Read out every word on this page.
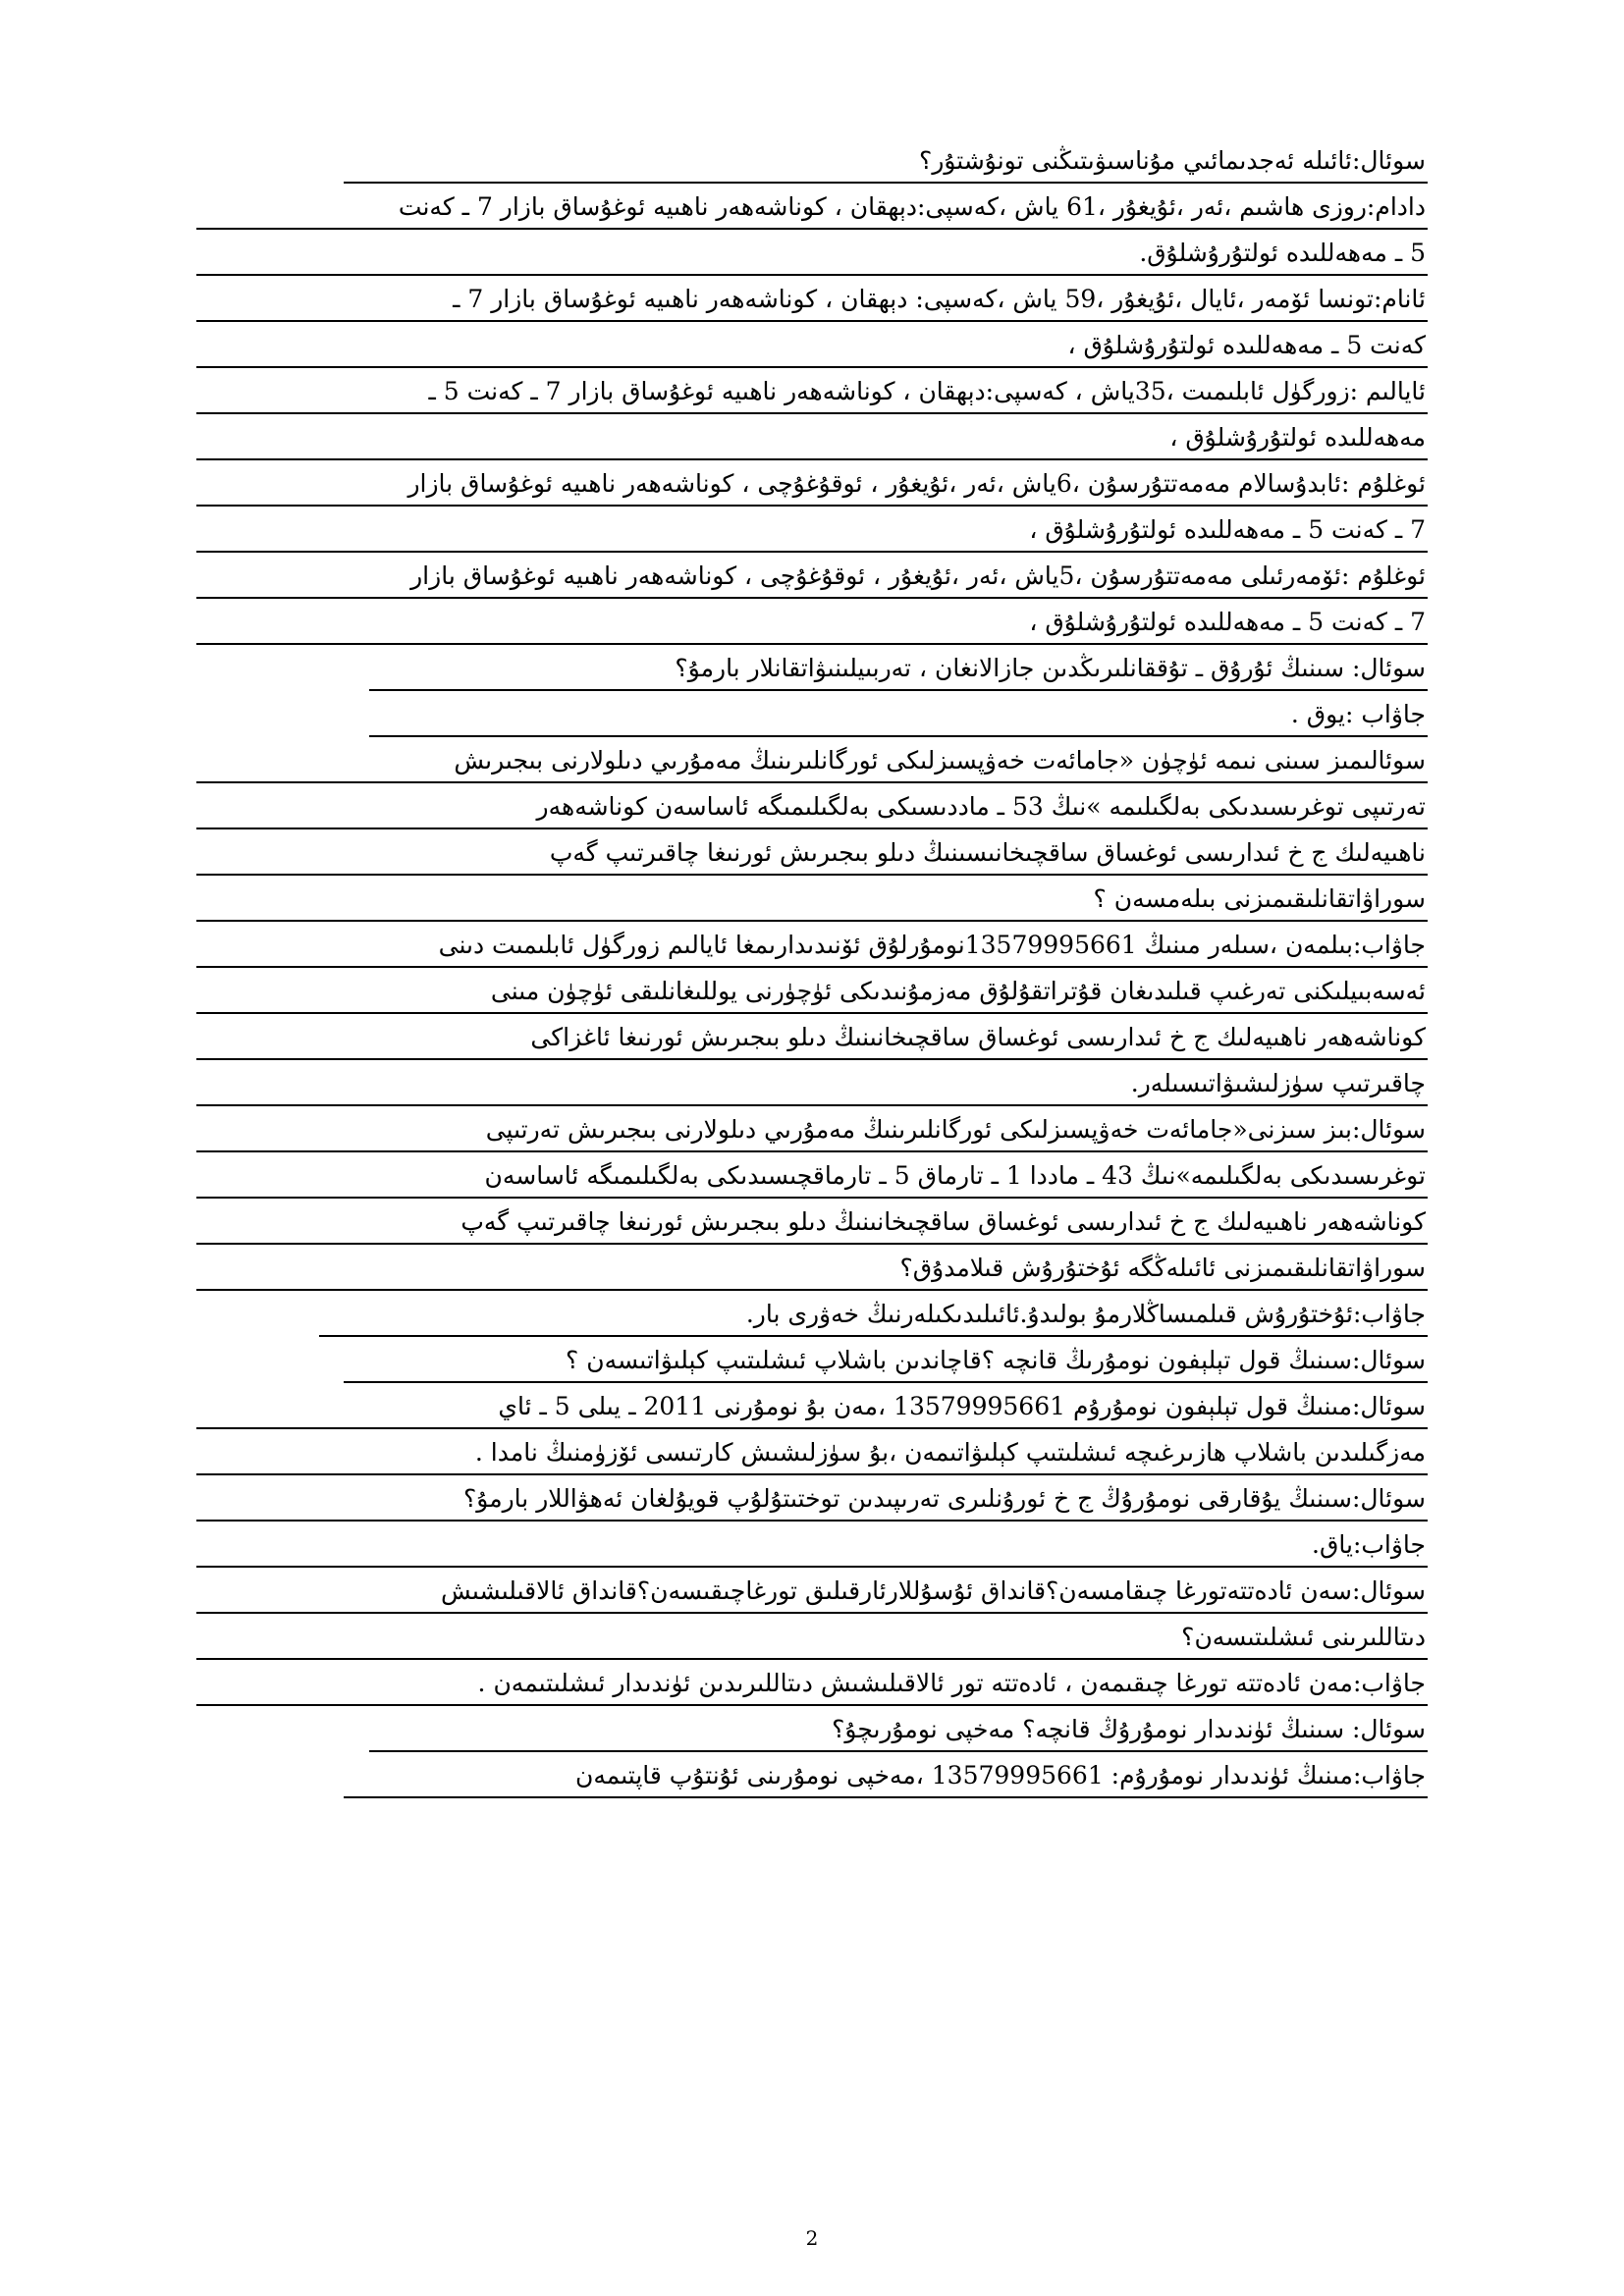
سوئال:ئائىلە ئەجدىمائىي مۇناسىۋىتىڭنى تونۇشتۇر؟
دادام:روزى ھاشىم ،ئەر ،ئۇيغۇر ،61 ياش ،كەسپى:دېھقان ، كوناشەھەر ناھىيە ئوغۇساق بازار 7 ـ كەنت
5 ـ مەھەللىدە ئولتۇرۇشلۇق.
ئانام:تونسا ئۆمەر ،ئايال ،ئۇيغۇر ،59 ياش ،كەسپى: دېھقان ، كوناشەھەر ناھىيە ئوغۇساق بازار 7 ـ
كەنت 5 ـ مەھەللىدە ئولتۇرۇشلۇق ،
ئايالىم :زورگۈل ئابلىمىت ،35ياش ، كەسپى:دېھقان ، كوناشەھەر ناھىيە ئوغۇساق بازار 7 ـ كەنت 5 ـ
مەھەللىدە ئولتۇرۇشلۇق ،
ئوغلۇم :ئابدۇسالام مەمەتتۇرسۇن ،6ياش ،ئەر ،ئۇيغۇر ، ئوقۇغۇچى ، كوناشەھەر ناھىيە ئوغۇساق بازار
7 ـ كەنت 5 ـ مەھەللىدە ئولتۇرۇشلۇق ،
ئوغلۇم :ئۆمەرئىلى مەمەتتۇرسۇن ،5ياش ،ئەر ،ئۇيغۇر ، ئوقۇغۇچى ، كوناشەھەر ناھىيە ئوغۇساق بازار
7 ـ كەنت 5 ـ مەھەللىدە ئولتۇرۇشلۇق ،
سوئال: سىنىڭ ئۇرۇق ـ تۇققانلىرىڭدىن جازالانغان ، تەربىيلىنىۋاتقانلار بارمۇ؟
جاۋاب :يوق .
سوئالىمىز سىنى نىمە ئۈچۈن «جامائەت خەۋپسىزلىكى ئورگانلىرىنىڭ مەمۇرىي دىلولارنى بىجىرىش
تەرتىپى توغرىسىدىكى بەلگىلىمە »نىڭ 53 ـ ماددىسىكى بەلگىلىمىگە ئاساسەن كوناشەھەر
ناھىيەلىك ج خ ئىدارىسى ئوغساق ساقچىخانىسىنىڭ دىلو بىجىرىش ئورنىغا چاقىرتىپ گەپ
سوراۋاتقانلىقىمىزنى بىلەمسەن ؟
جاۋاب:بىلمەن ،سىلەر مىنىڭ 13579995661نومۇرلۇق ئۆنىدىدارىمغا ئايالىم زورگۈل ئابلىمىت دىنى
ئەسەبىيلىكنى تەرغىپ قىلىدىغان قۇتراتقۇلۇق مەزمۇنىدىكى ئۈچۈرنى يوللىغانلىقى ئۈچۈن مىنى
كوناشەھەر ناھىيەلىك ج خ ئىدارىسى ئوغساق ساقچىخانىنىڭ دىلو بىجىرىش ئورنىغا ئاغزاكى
چاقىرتىپ سۈزلىشىۋاتىسىلەر.
سوئال:بىز سىزنى«جامائەت خەۋپسىزلىكى ئورگانلىرىنىڭ مەمۇرىي دىلولارنى بىجىرىش تەرتىپى
توغرىسىدىكى بەلگىلىمە»نىڭ 43 ـ ماددا 1 ـ تارماق 5 ـ تارماقچىسىدىكى بەلگىلىمىگە ئاساسەن
كوناشەھەر ناھىيەلىك ج خ ئىدارىسى ئوغساق ساقچىخانىنىڭ دىلو بىجىرىش ئورنىغا چاقىرتىپ گەپ
سوراۋاتقانلىقىمىزنى ئائىلەڭگە ئۇختۇرۇش قىلامدۇق؟
جاۋاب:ئۇختۇرۇش قىلمىساڭلارمۇ بولىدۇ.ئائىلىدىكىلەرنىڭ خەۋرى بار.
سوئال:سىنىڭ قول تېلېفون نومۇرىڭ قانچە ؟قاچاندىن باشلاپ ئىشلىتىپ كېلىۋاتىسەن ؟
سوئال:مىنىڭ قول تېلېفون نومۇرۇم 13579995661 ،مەن بۇ نومۇرنى 2011 ـ يىلى 5 ـ ئاي
مەزگىلىدىن باشلاپ ھازىرغىچە ئىشلىتىپ كېلىۋاتىمەن ،بۇ سۈزلىشىش كارتىسى ئۆزۈمنىڭ نامدا .
سوئال:سىنىڭ يۇقارقى نومۇرۇڭ ج خ ئورۇنلىرى تەرىپىدىن توختىتۇلۇپ قويۇلغان ئەھۋاللار بارمۇ؟
جاۋاب:ياق.
سوئال:سەن ئادەتتەتورغا چىقامسەن؟قانداق ئۇسۇللارئارقىلىق تورغاچىقىسەن؟قانداق ئالاقىلىشىش
دىتاللىرىنى ئىشلىتىسەن؟
جاۋاب:مەن ئادەتتە تورغا چىقىمەن ، ئادەتتە تور ئالاقىلىشىش دىتاللىرىدىن ئۈندىدار ئىشلىتىمەن .
سوئال: سىنىڭ ئۈندىدار نومۇرۇڭ قانچە؟ مەخپى نومۇرىچۇ؟
جاۋاب:مىنىڭ ئۈندىدار نومۇرۇم: 13579995661 ،مەخپى نومۇرىنى ئۇنتۇپ قاپتىمەن
2
